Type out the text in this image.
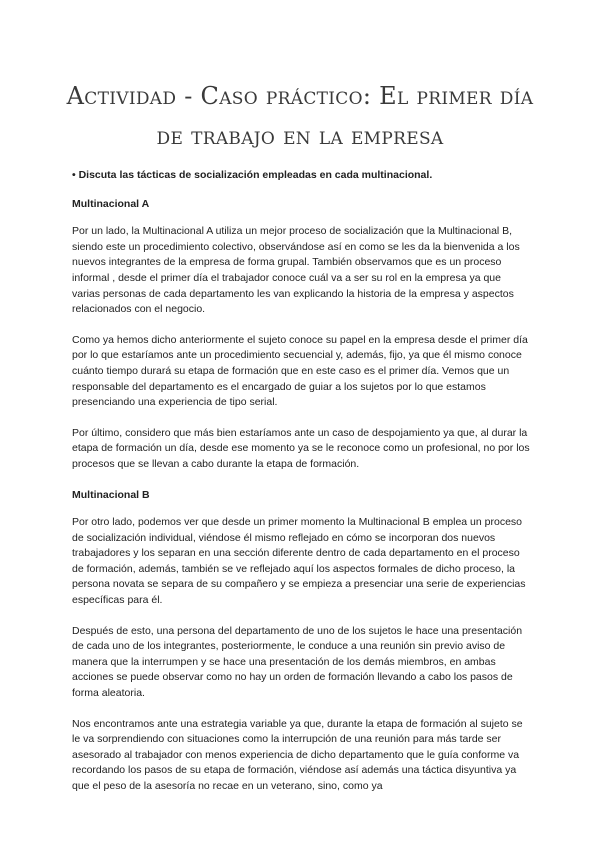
Actividad - Caso práctico: El primer día de trabajo en la empresa

• Discuta las tácticas de socialización empleadas en cada multinacional.

Multinacional A

Por un lado, la Multinacional A utiliza un mejor proceso de socialización que la Multinacional B, siendo este un procedimiento colectivo, observándose así en como se les da la bienvenida a los nuevos integrantes de la empresa de forma grupal. También observamos que es un proceso informal , desde el primer día el trabajador conoce cuál va a ser su rol en la empresa ya que varias personas de cada departamento les van explicando la historia de la empresa y aspectos relacionados con el negocio.

Como ya hemos dicho anteriormente el sujeto conoce su papel en la empresa desde el primer día por lo que estaríamos ante un procedimiento secuencial y, además, fijo, ya que él mismo conoce cuánto tiempo durará su etapa de formación que en este caso es el primer día. Vemos que un responsable del departamento es el encargado de guiar a los sujetos por lo que estamos presenciando una experiencia de tipo serial.

Por último, considero que más bien estaríamos ante un caso de despojamiento ya que, al durar la etapa de formación un día, desde ese momento ya se le reconoce como un profesional, no por los procesos que se llevan a cabo durante la etapa de formación.

Multinacional B

Por otro lado, podemos ver que desde un primer momento la Multinacional B emplea un proceso de socialización individual, viéndose él mismo reflejado en cómo se incorporan dos nuevos trabajadores y los separan en una sección diferente dentro de cada departamento en el proceso de formación, además, también se ve reflejado aquí los aspectos formales de dicho proceso, la persona novata se separa de su compañero y se empieza a presenciar una serie de experiencias específicas para él.

Después de esto, una persona del departamento de uno de los sujetos le hace una presentación de cada uno de los integrantes, posteriormente, le conduce a una reunión sin previo aviso de manera que la interrumpen y se hace una presentación de los demás miembros, en ambas acciones se puede observar como no hay un orden de formación llevando a cabo los pasos de forma aleatoria.

Nos encontramos ante una estrategia variable ya que, durante la etapa de formación al sujeto se le va sorprendiendo con situaciones como la interrupción de una reunión para más tarde ser asesorado al trabajador con menos experiencia de dicho departamento que le guía conforme va recordando los pasos de su etapa de formación, viéndose así además una táctica disyuntiva ya que el peso de la asesoría no recae en un veterano, sino, como ya
